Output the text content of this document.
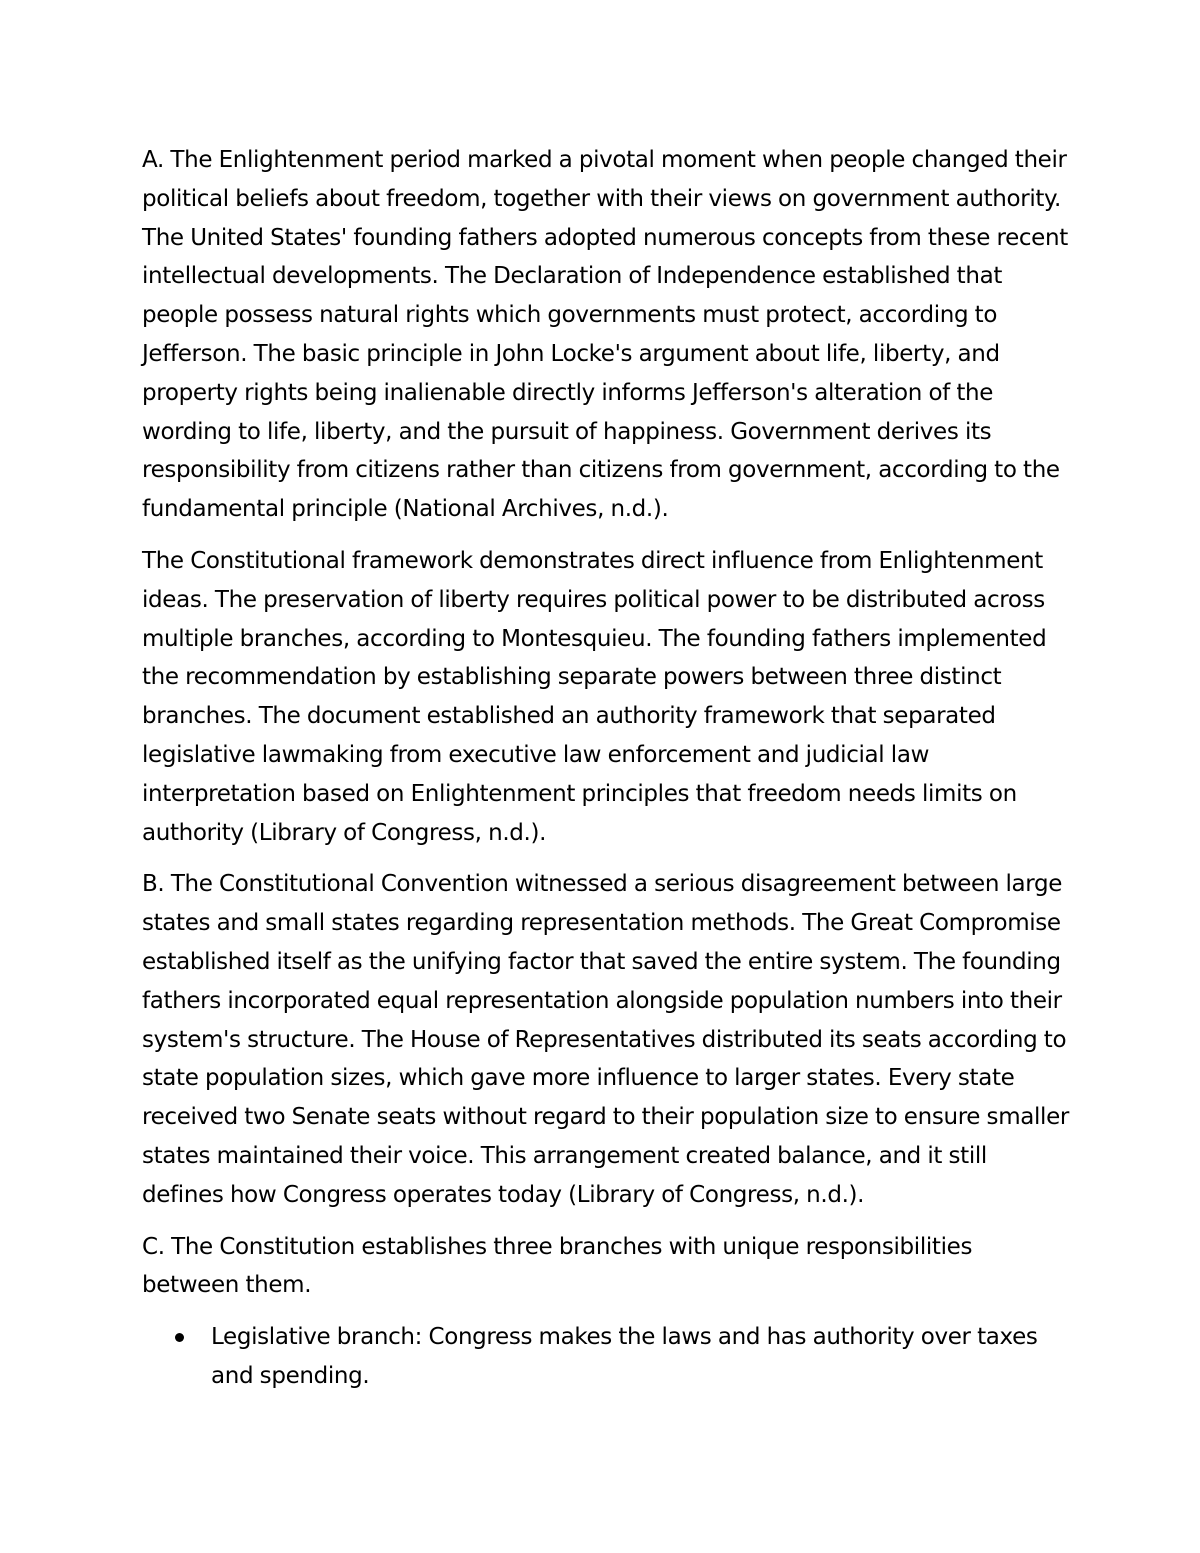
A. The Enlightenment period marked a pivotal moment when people changed their political beliefs about freedom, together with their views on government authority. The United States' founding fathers adopted numerous concepts from these recent intellectual developments. The Declaration of Independence established that people possess natural rights which governments must protect, according to Jefferson. The basic principle in John Locke's argument about life, liberty, and property rights being inalienable directly informs Jefferson's alteration of the wording to life, liberty, and the pursuit of happiness. Government derives its responsibility from citizens rather than citizens from government, according to the fundamental principle (National Archives, n.d.).

The Constitutional framework demonstrates direct influence from Enlightenment ideas. The preservation of liberty requires political power to be distributed across multiple branches, according to Montesquieu. The founding fathers implemented the recommendation by establishing separate powers between three distinct branches. The document established an authority framework that separated legislative lawmaking from executive law enforcement and judicial law interpretation based on Enlightenment principles that freedom needs limits on authority (Library of Congress, n.d.).

B. The Constitutional Convention witnessed a serious disagreement between large states and small states regarding representation methods. The Great Compromise established itself as the unifying factor that saved the entire system. The founding fathers incorporated equal representation alongside population numbers into their system's structure. The House of Representatives distributed its seats according to state population sizes, which gave more influence to larger states. Every state received two Senate seats without regard to their population size to ensure smaller states maintained their voice. This arrangement created balance, and it still defines how Congress operates today (Library of Congress, n.d.).

C. The Constitution establishes three branches with unique responsibilities between them.

Legislative branch: Congress makes the laws and has authority over taxes and spending.
